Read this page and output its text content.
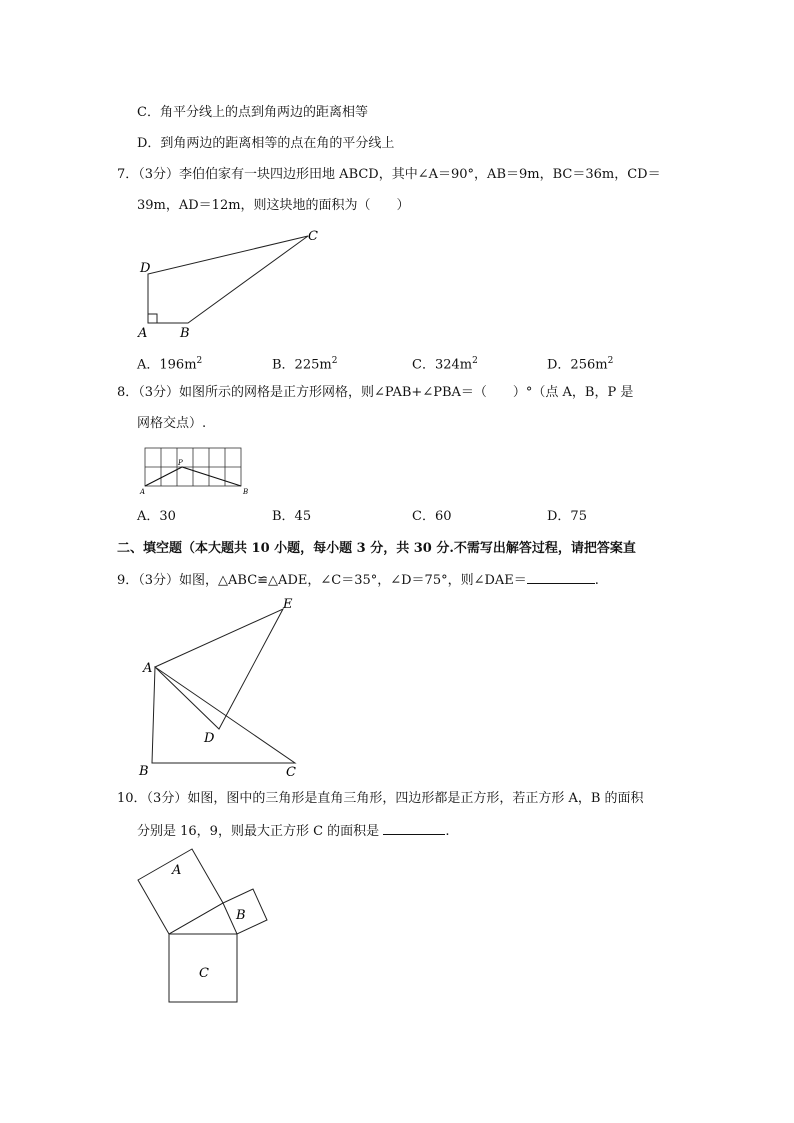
C．角平分线上的点到角两边的距离相等
D．到角两边的距离相等的点在角的平分线上
7．（3分）李伯伯家有一块四边形田地 ABCD，其中∠A＝90°，AB＝9m，BC＝36m，CD＝
39m，AD＝12m，则这块地的面积为（　　）
D
A	B
C
A．$196m^2$	B．$225m^2$	C．$324m^2$	D．$256m^2$
8．（3分）如图所示的网格是正方形网格，则∠PAB+∠PBA＝（　　）°（点 A，B，P 是
网格交点）.
A	B
P
A．30	B．45	C．60	D．75
二、填空题（本大题共 10 小题，每小题 3 分，共 30 分.不需写出解答过程，请把答案直
9．（3分）如图，△ABC≌△ADE，∠C＝35°，∠D＝75°，则∠DAE＝	.
A
B	C
D
E
10．（3分）如图，图中的三角形是直角三角形，四边形都是正方形，若正方形 A，B 的面积
分别是 16，9，则最大正方形 C 的面积是	.
A
B
C
